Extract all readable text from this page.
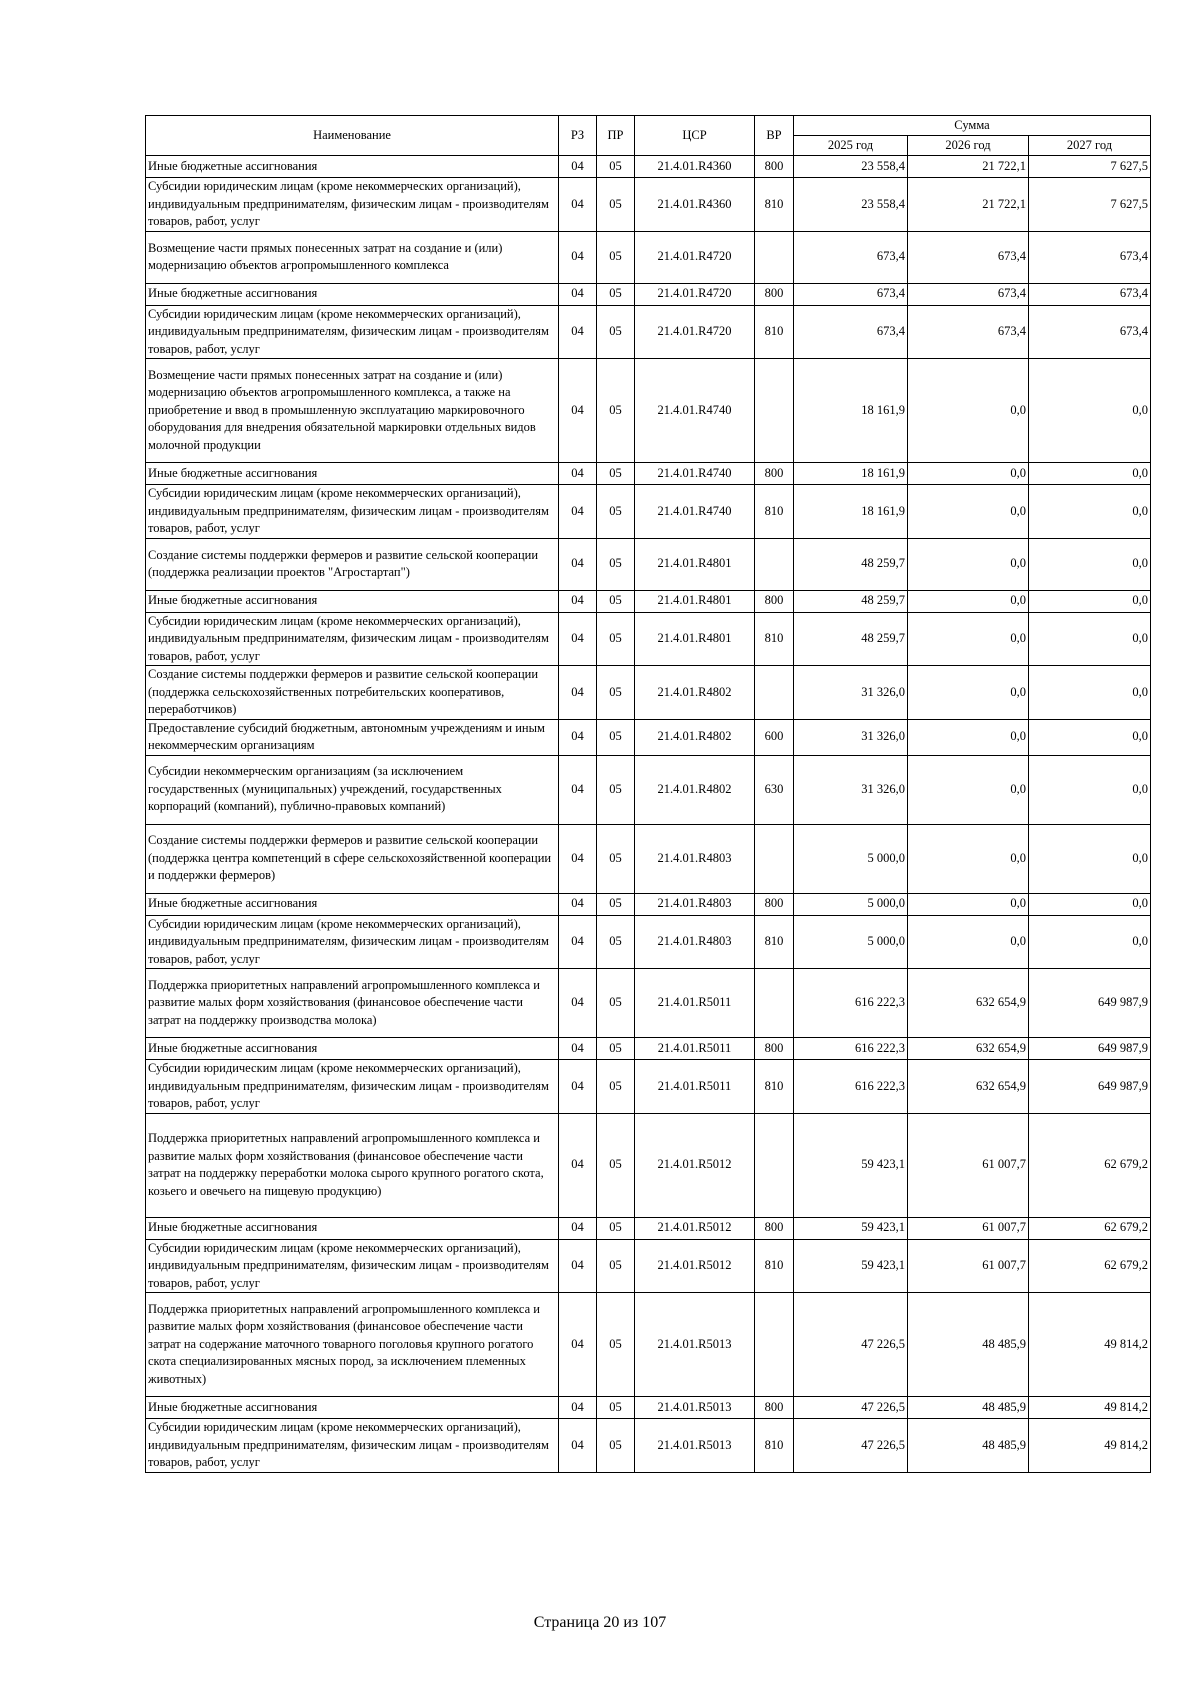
Наименование	РЗ	ПР	ЦСР	ВР	Сумма		
					2025 год	2026 год	2027 год
Иные бюджетные ассигнования	04	05	21.4.01.R4360	800	23 558,4	21 722,1	7 627,5
Субсидии юридическим лицам (кроме некоммерческих организаций), индивидуальным предпринимателям, физическим лицам - производителям товаров, работ, услуг	04	05	21.4.01.R4360	810	23 558,4	21 722,1	7 627,5
Возмещение части прямых понесенных затрат на создание и (или) модернизацию объектов агропромышленного комплекса	04	05	21.4.01.R4720		673,4	673,4	673,4
Иные бюджетные ассигнования	04	05	21.4.01.R4720	800	673,4	673,4	673,4
Субсидии юридическим лицам (кроме некоммерческих организаций), индивидуальным предпринимателям, физическим лицам - производителям товаров, работ, услуг	04	05	21.4.01.R4720	810	673,4	673,4	673,4
Возмещение части прямых понесенных затрат на создание и (или) модернизацию объектов агропромышленного комплекса, а также на приобретение и ввод в промышленную эксплуатацию маркировочного оборудования для внедрения обязательной маркировки отдельных видов молочной продукции	04	05	21.4.01.R4740		18 161,9	0,0	0,0
Иные бюджетные ассигнования	04	05	21.4.01.R4740	800	18 161,9	0,0	0,0
Субсидии юридическим лицам (кроме некоммерческих организаций), индивидуальным предпринимателям, физическим лицам - производителям товаров, работ, услуг	04	05	21.4.01.R4740	810	18 161,9	0,0	0,0
Создание системы поддержки фермеров и развитие сельской кооперации (поддержка реализации проектов "Агростартап")	04	05	21.4.01.R4801		48 259,7	0,0	0,0
Иные бюджетные ассигнования	04	05	21.4.01.R4801	800	48 259,7	0,0	0,0
Субсидии юридическим лицам (кроме некоммерческих организаций), индивидуальным предпринимателям, физическим лицам - производителям товаров, работ, услуг	04	05	21.4.01.R4801	810	48 259,7	0,0	0,0
Создание системы поддержки фермеров и развитие сельской кооперации (поддержка сельскохозяйственных потребительских кооперативов, переработчиков)	04	05	21.4.01.R4802		31 326,0	0,0	0,0
Предоставление субсидий бюджетным, автономным учреждениям и иным некоммерческим организациям	04	05	21.4.01.R4802	600	31 326,0	0,0	0,0
Субсидии некоммерческим организациям (за исключением государственных (муниципальных) учреждений, государственных корпораций (компаний), публично-правовых компаний)	04	05	21.4.01.R4802	630	31 326,0	0,0	0,0
Создание системы поддержки фермеров и развитие сельской кооперации (поддержка центра компетенций в сфере сельскохозяйственной кооперации и поддержки фермеров)	04	05	21.4.01.R4803		5 000,0	0,0	0,0
Иные бюджетные ассигнования	04	05	21.4.01.R4803	800	5 000,0	0,0	0,0
Субсидии юридическим лицам (кроме некоммерческих организаций), индивидуальным предпринимателям, физическим лицам - производителям товаров, работ, услуг	04	05	21.4.01.R4803	810	5 000,0	0,0	0,0
Поддержка приоритетных направлений агропромышленного комплекса и развитие малых форм хозяйствования (финансовое обеспечение части затрат на поддержку производства молока)	04	05	21.4.01.R5011		616 222,3	632 654,9	649 987,9
Иные бюджетные ассигнования	04	05	21.4.01.R5011	800	616 222,3	632 654,9	649 987,9
Субсидии юридическим лицам (кроме некоммерческих организаций), индивидуальным предпринимателям, физическим лицам - производителям товаров, работ, услуг	04	05	21.4.01.R5011	810	616 222,3	632 654,9	649 987,9
Поддержка приоритетных направлений агропромышленного комплекса и развитие малых форм хозяйствования (финансовое обеспечение части затрат на поддержку переработки молока сырого крупного рогатого скота, козьего и овечьего на пищевую продукцию)	04	05	21.4.01.R5012		59 423,1	61 007,7	62 679,2
Иные бюджетные ассигнования	04	05	21.4.01.R5012	800	59 423,1	61 007,7	62 679,2
Субсидии юридическим лицам (кроме некоммерческих организаций), индивидуальным предпринимателям, физическим лицам - производителям товаров, работ, услуг	04	05	21.4.01.R5012	810	59 423,1	61 007,7	62 679,2
Поддержка приоритетных направлений агропромышленного комплекса и развитие малых форм хозяйствования (финансовое обеспечение части затрат на содержание маточного товарного поголовья крупного рогатого скота специализированных мясных пород, за исключением племенных животных)	04	05	21.4.01.R5013		47 226,5	48 485,9	49 814,2
Иные бюджетные ассигнования	04	05	21.4.01.R5013	800	47 226,5	48 485,9	49 814,2
Субсидии юридическим лицам (кроме некоммерческих организаций), индивидуальным предпринимателям, физическим лицам - производителям товаров, работ, услуг	04	05	21.4.01.R5013	810	47 226,5	48 485,9	49 814,2
Страница 20 из 107
